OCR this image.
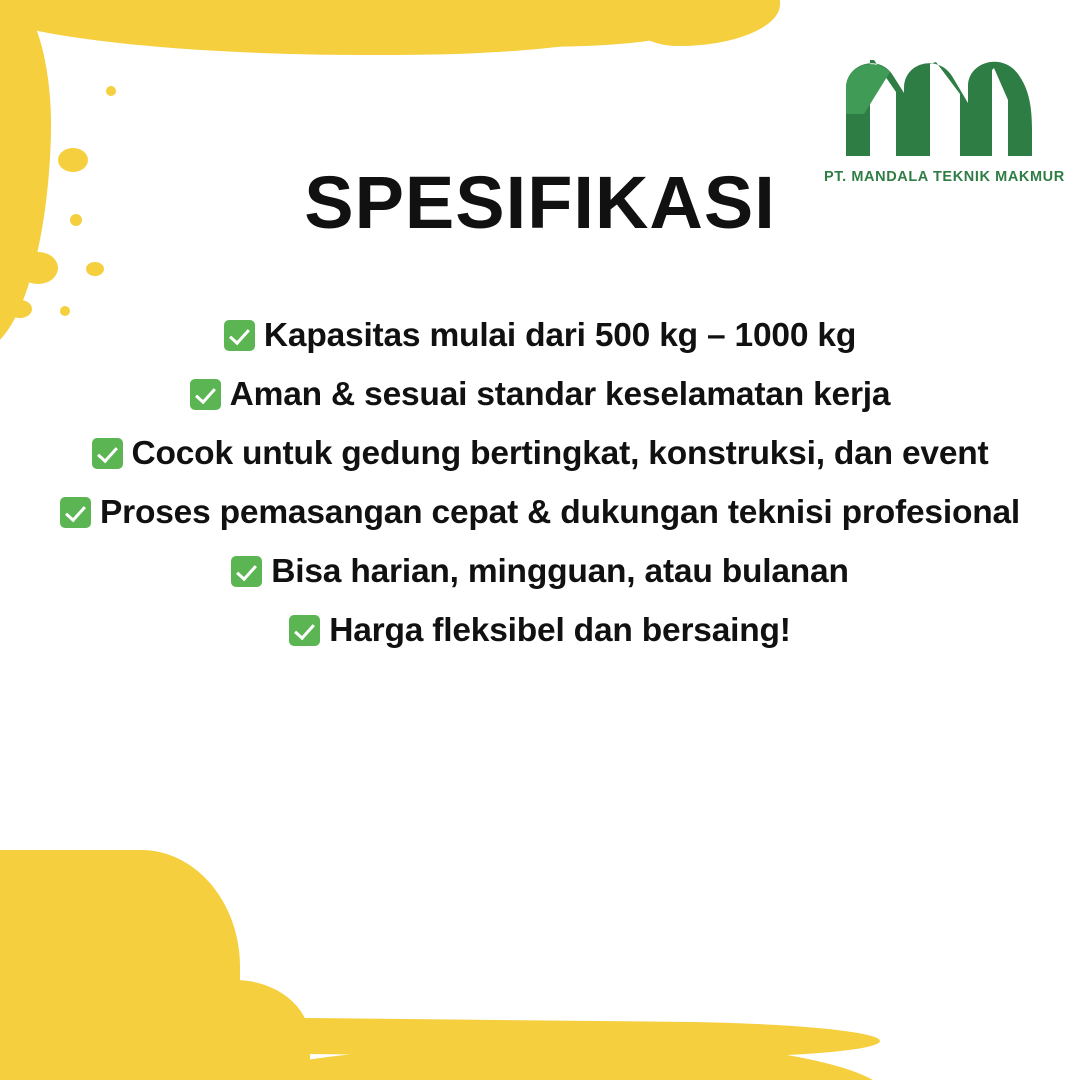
PT. MANDALA TEKNIK MAKMUR
SPESIFIKASI
Kapasitas mulai dari 500 kg – 1000 kg
Aman & sesuai standar keselamatan kerja
Cocok untuk gedung bertingkat, konstruksi, dan event
Proses pemasangan cepat & dukungan teknisi profesional
Bisa harian, mingguan, atau bulanan
Harga fleksibel dan bersaing!
